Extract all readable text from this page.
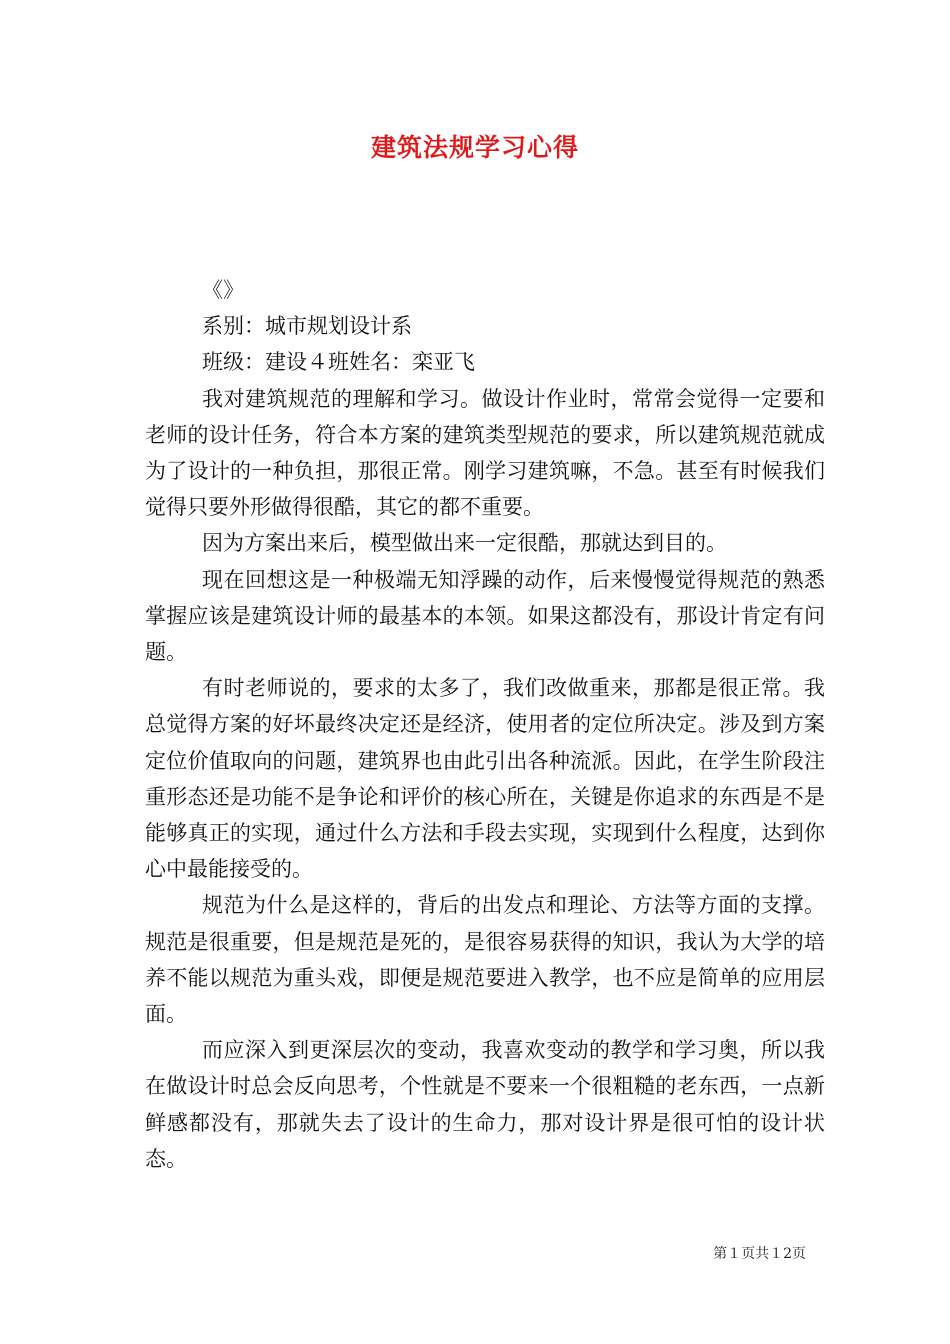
建筑法规学习心得

《》

系别：城市规划设计系

班级：建设４班姓名：栾亚飞

我对建筑规范的理解和学习。做设计作业时，常常会觉得一定要和老师的设计任务，符合本方案的建筑类型规范的要求，所以建筑规范就成为了设计的一种负担，那很正常。刚学习建筑嘛，不急。甚至有时候我们觉得只要外形做得很酷，其它的都不重要。

因为方案出来后，模型做出来一定很酷，那就达到目的。

现在回想这是一种极端无知浮躁的动作，后来慢慢觉得规范的熟悉掌握应该是建筑设计师的最基本的本领。如果这都没有，那设计肯定有问题。

有时老师说的，要求的太多了，我们改做重来，那都是很正常。我总觉得方案的好坏最终决定还是经济，使用者的定位所决定。涉及到方案定位价值取向的问题，建筑界也由此引出各种流派。因此，在学生阶段注重形态还是功能不是争论和评价的核心所在，关键是你追求的东西是不是能够真正的实现，通过什么方法和手段去实现，实现到什么程度，达到你心中最能接受的。

规范为什么是这样的，背后的出发点和理论、方法等方面的支撑。规范是很重要，但是规范是死的，是很容易获得的知识，我认为大学的培养不能以规范为重头戏，即便是规范要进入教学，也不应是简单的应用层面。

而应深入到更深层次的变动，我喜欢变动的教学和学习奥，所以我在做设计时总会反向思考，个性就是不要来一个很粗糙的老东西，一点新鲜感都没有，那就失去了设计的生命力，那对设计界是很可怕的设计状态。

第１页共１2页
